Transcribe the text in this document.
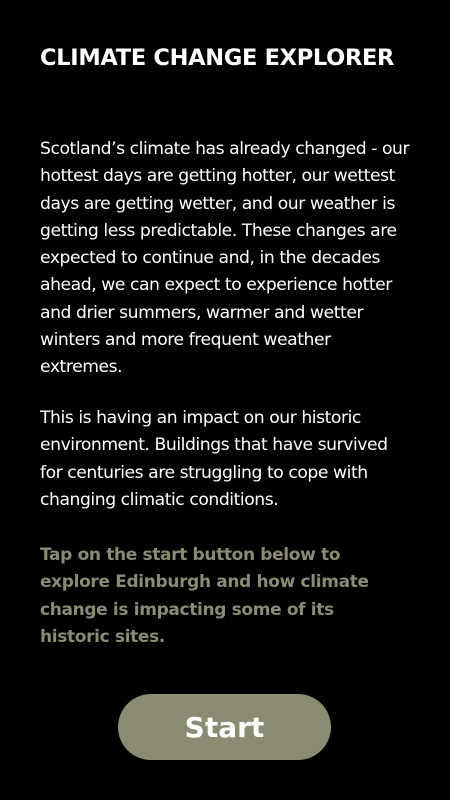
CLIMATE CHANGE EXPLORER

Scotland’s climate has already changed - our hottest days are getting hotter, our wettest days are getting wetter, and our weather is getting less predictable. These changes are expected to continue and, in the decades ahead, we can expect to experience hotter and drier summers, warmer and wetter winters and more frequent weather extremes.

This is having an impact on our historic environment. Buildings that have survived for centuries are struggling to cope with changing climatic conditions.

Tap on the start button below to explore Edinburgh and how climate change is impacting some of its historic sites.

Start
